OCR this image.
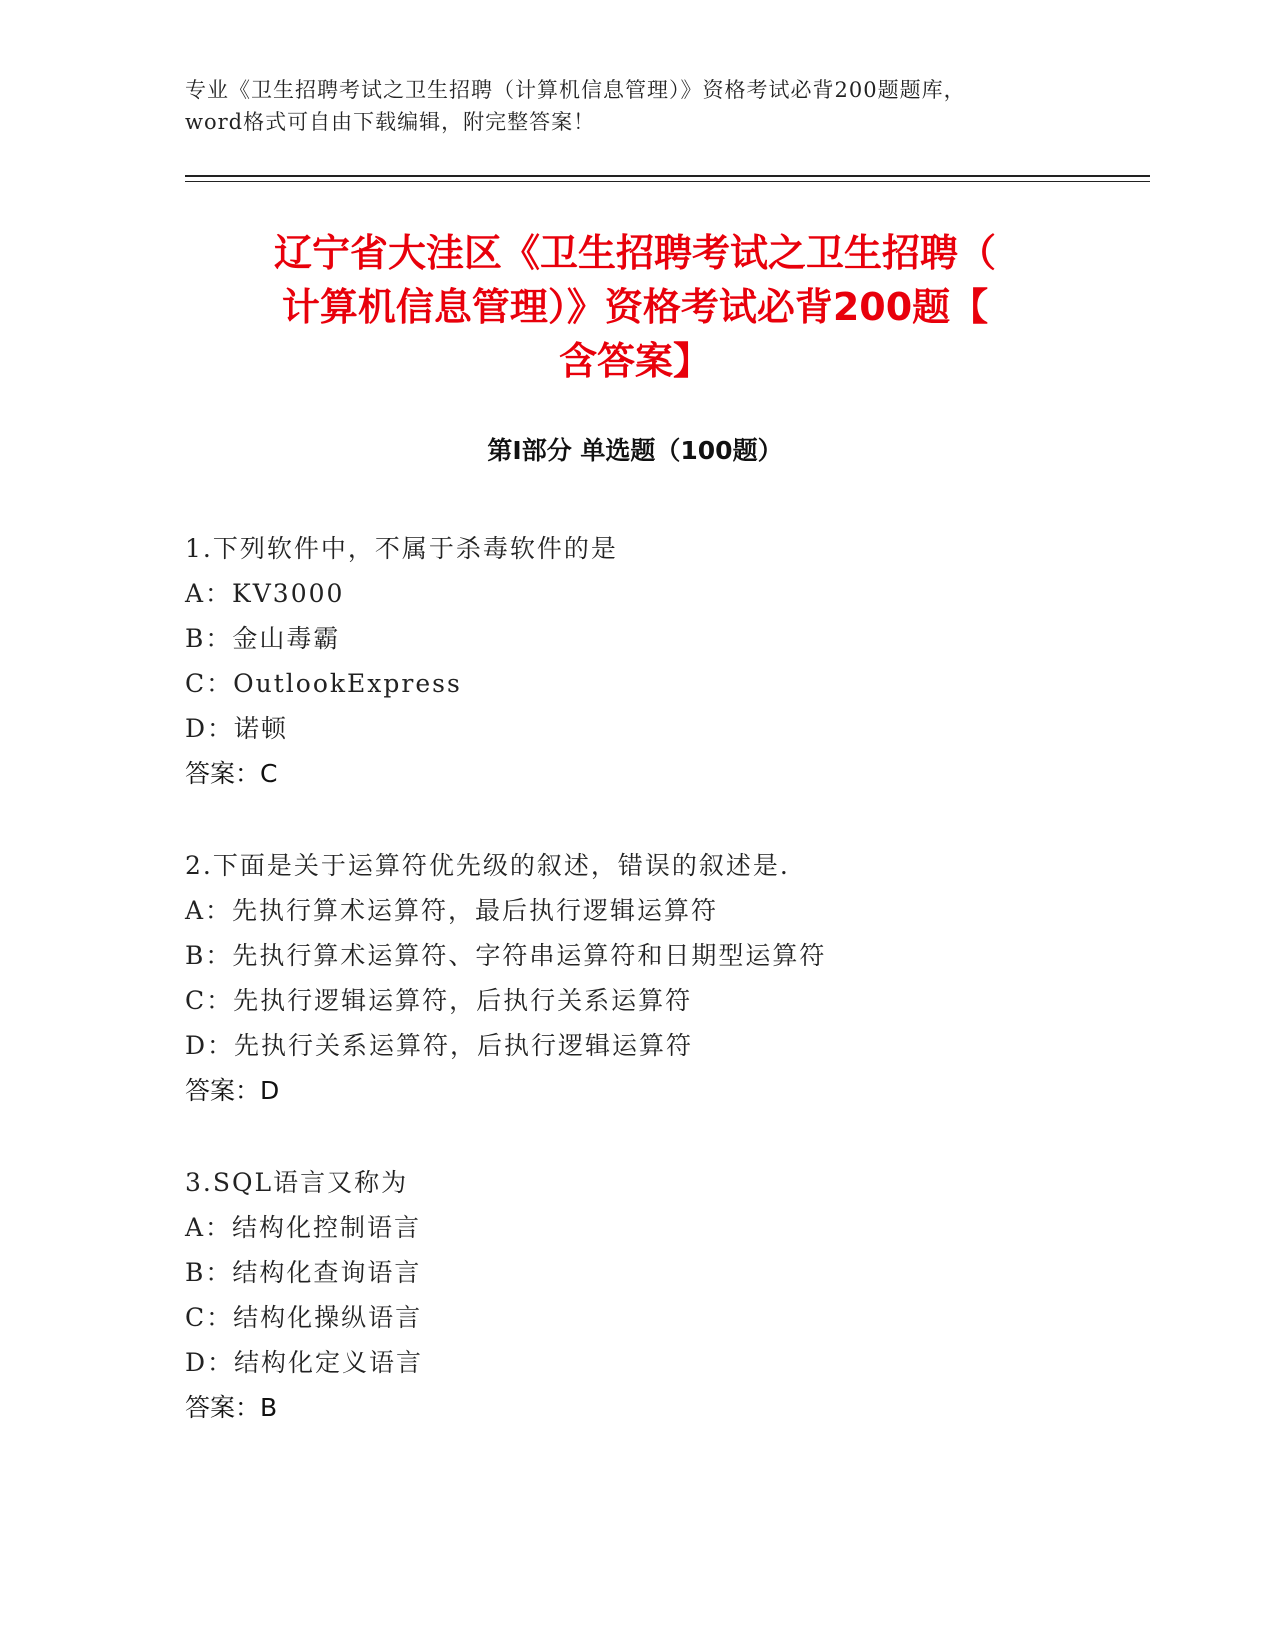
专业《卫生招聘考试之卫生招聘（计算机信息管理）》资格考试必背200题题库，
word格式可自由下载编辑，附完整答案！
辽宁省大洼区《卫生招聘考试之卫生招聘（
计算机信息管理）》资格考试必背200题【
含答案】
第Ⅰ部分 单选题（100题）
1.下列软件中，不属于杀毒软件的是
A：KV3000
B：金山毒霸
C：OutlookExpress
D：诺顿
答案：C
2.下面是关于运算符优先级的叙述，错误的叙述是.
A：先执行算术运算符，最后执行逻辑运算符
B：先执行算术运算符、字符串运算符和日期型运算符
C：先执行逻辑运算符，后执行关系运算符
D：先执行关系运算符，后执行逻辑运算符
答案：D
3.SQL语言又称为
A：结构化控制语言
B：结构化查询语言
C：结构化操纵语言
D：结构化定义语言
答案：B
